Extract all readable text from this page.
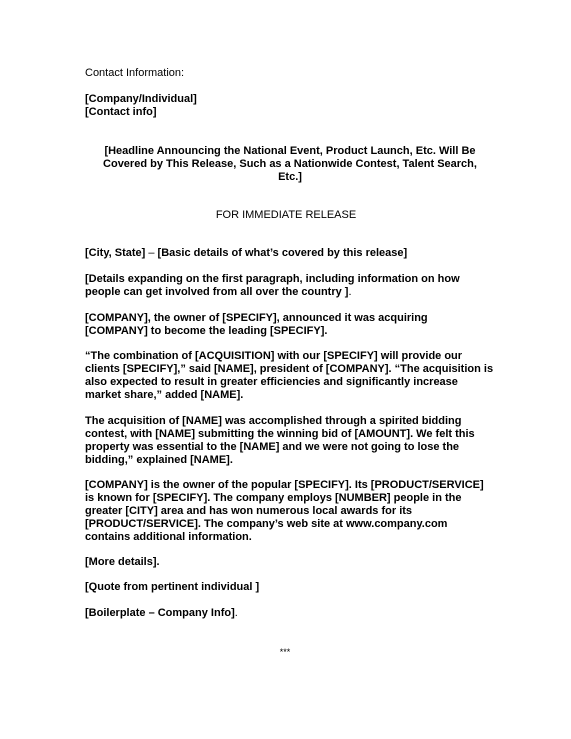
Contact Information:
[Company/Individual]
[Contact info]
[Headline Announcing the National Event, Product Launch, Etc. Will Be Covered by This Release, Such as a Nationwide Contest, Talent Search, Etc.]
FOR IMMEDIATE RELEASE
[City, State] – [Basic details of what’s covered by this release]
[Details expanding on the first paragraph, including information on how people can get involved from all over the country ].
[COMPANY], the owner of [SPECIFY], announced it was acquiring [COMPANY] to become the leading [SPECIFY].
“The combination of [ACQUISITION] with our [SPECIFY] will provide our clients [SPECIFY],” said [NAME], president of [COMPANY]. “The acquisition is also expected to result in greater efficiencies and significantly increase market share,” added [NAME].
The acquisition of [NAME] was accomplished through a spirited bidding contest, with [NAME] submitting the winning bid of [AMOUNT]. We felt this property was essential to the [NAME] and we were not going to lose the bidding,” explained [NAME].
[COMPANY] is the owner of the popular [SPECIFY]. Its [PRODUCT/SERVICE] is known for [SPECIFY]. The company employs [NUMBER] people in the greater [CITY] area and has won numerous local awards for its [PRODUCT/SERVICE]. The company’s web site at www.company.com contains additional information.
[More details].
[Quote from pertinent individual ]
[Boilerplate – Company Info].
***
